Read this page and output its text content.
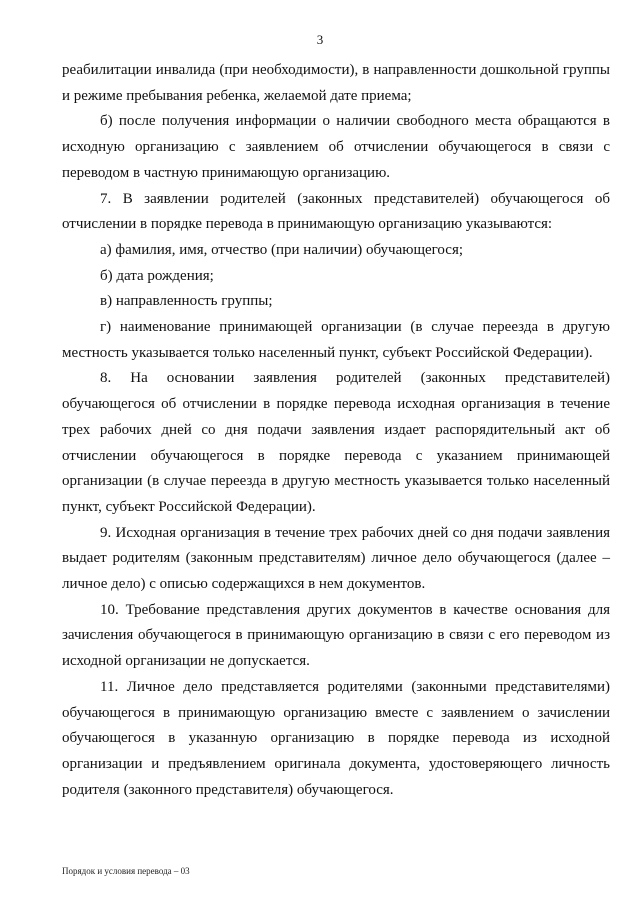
3

реабилитации инвалида (при необходимости), в направленности дошкольной группы и режиме пребывания ребенка, желаемой дате приема;

б) после получения информации о наличии свободного места обращаются в исходную организацию с заявлением об отчислении обучающегося в связи с переводом в частную принимающую организацию.

7. В заявлении родителей (законных представителей) обучающегося об отчислении в порядке перевода в принимающую организацию указываются:

а) фамилия, имя, отчество (при наличии) обучающегося;

б) дата рождения;

в) направленность группы;

г) наименование принимающей организации (в случае переезда в другую местность указывается только населенный пункт, субъект Российской Федерации).

8. На основании заявления родителей (законных представителей) обучающегося об отчислении в порядке перевода исходная организация в течение трех рабочих дней со дня подачи заявления издает распорядительный акт об отчислении обучающегося в порядке перевода с указанием принимающей организации (в случае переезда в другую местность указывается только населенный пункт, субъект Российской Федерации).

9. Исходная организация в течение трех рабочих дней со дня подачи заявления выдает родителям (законным представителям) личное дело обучающегося (далее – личное дело) с описью содержащихся в нем документов.

10. Требование представления других документов в качестве основания для зачисления обучающегося в принимающую организацию в связи с его переводом из исходной организации не допускается.

11. Личное дело представляется родителями (законными представителями) обучающегося в принимающую организацию вместе с заявлением о зачислении обучающегося в указанную организацию в порядке перевода из исходной организации и предъявлением оригинала документа, удостоверяющего личность родителя (законного представителя) обучающегося.

Порядок и условия перевода – 03
